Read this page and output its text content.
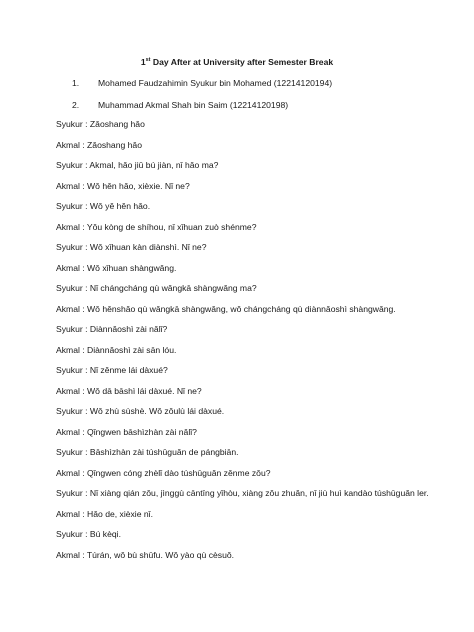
1st Day After at University after Semester Break
1. Mohamed Faudzahimin Syukur bin Mohamed (12214120194)
2. Muhammad Akmal Shah bin Saim (12214120198)
Syukur : Zǎoshang hǎo
Akmal : Zǎoshang hǎo
Syukur : Akmal, hǎo jiǔ bú jiàn, nǐ hǎo ma?
Akmal : Wǒ hěn hǎo, xièxie. Nǐ ne?
Syukur : Wǒ yě hěn hǎo.
Akmal : Yǒu kòng de shíhou, nǐ xǐhuan zuò shénme?
Syukur : Wǒ xǐhuan kàn diànshì. Nǐ ne?
Akmal : Wǒ xǐhuan shàngwǎng.
Syukur : Nǐ chángcháng qù wǎngkā shàngwǎng ma?
Akmal : Wǒ hěnshǎo qù wǎngkā shàngwǎng, wǒ chángcháng qù diànnǎoshì shàngwǎng.
Syukur : Diànnǎoshì zài nǎlǐ?
Akmal : Diànnǎoshì zài sān lóu.
Syukur : Nǐ zěnme lái dàxué?
Akmal : Wǒ dā bāshì lái dàxué. Nǐ ne?
Syukur : Wǒ zhù sùshè. Wǒ zǒulù lái dàxué.
Akmal : Qǐngwen bāshìzhàn zài nǎlǐ?
Syukur : Bāshìzhàn zài túshūguǎn de pángbiān.
Akmal : Qǐngwen cóng zhèlǐ dào túshūguǎn zěnme zǒu?
Syukur : Nǐ xiàng qián zǒu, jìnggù cāntīng yǐhòu, xiàng zǒu zhuǎn, nǐ jiù huì kandào túshūguǎn ler.
Akmal : Hǎo de, xièxie nǐ.
Syukur : Bú kèqi.
Akmal : Túrán, wǒ bù shūfu. Wǒ yào qù cèsuǒ.
